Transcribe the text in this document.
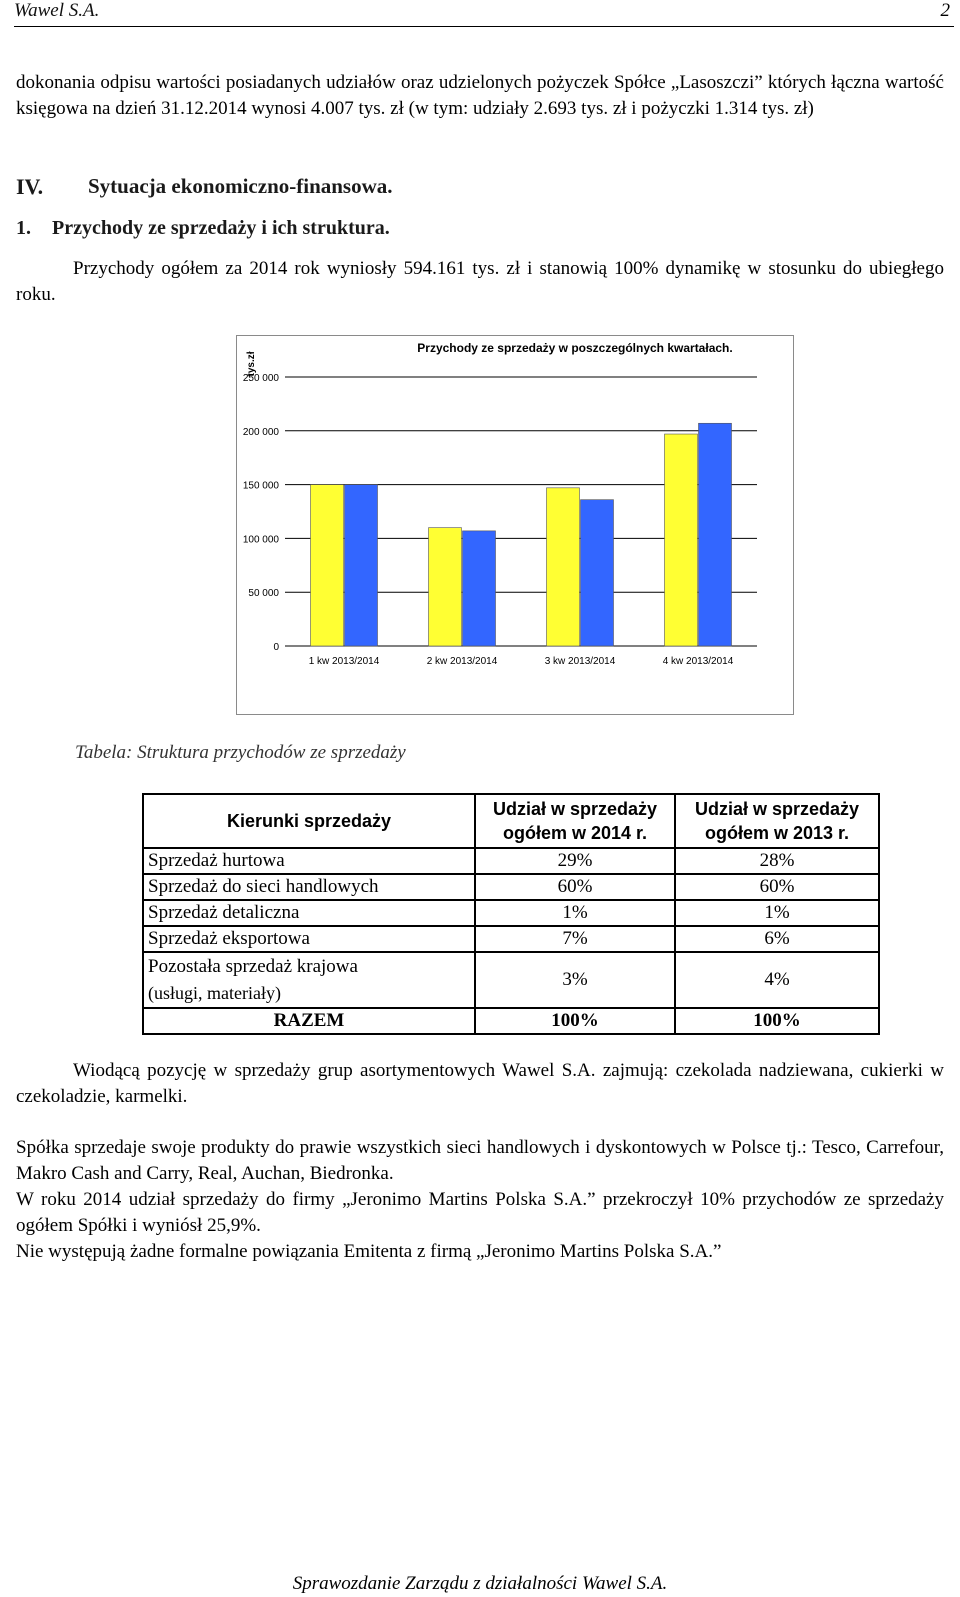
Wawel S.A.	2
dokonania odpisu wartości posiadanych udziałów oraz udzielonych pożyczek Spółce „Lasoszczi” których łączna wartość księgowa na dzień 31.12.2014 wynosi 4.007 tys. zł (w tym: udziały 2.693 tys. zł i pożyczki 1.314 tys. zł)
IV. Sytuacja ekonomiczno-finansowa.
1. Przychody ze sprzedaży i ich struktura.
Przychody ogółem za 2014 rok wyniosły 594.161 tys. zł i stanowią 100% dynamikę w stosunku do ubiegłego roku.
Przychody ze sprzedaży w poszczególnych kwartałach.
tys.zł
0
50 000
100 000
150 000
200 000
250 000
1 kw 2013/2014	2 kw 2013/2014	3 kw 2013/2014	4 kw 2013/2014
Tabela: Struktura przychodów ze sprzedaży
Kierunki sprzedaży	Udział w sprzedaży ogółem w 2014 r.	Udział w sprzedaży ogółem w 2013 r.
Sprzedaż hurtowa	29%	28%
Sprzedaż do sieci handlowych	60%	60%
Sprzedaż detaliczna	1%	1%
Sprzedaż eksportowa	7%	6%

Pozostała sprzedaż krajowa
(usługi, materiały)	3%	4%
RAZEM	100%	100%
Wiodącą pozycję w sprzedaży grup asortymentowych Wawel S.A. zajmują: czekolada nadziewana, cukierki w czekoladzie, karmelki.
Spółka sprzedaje swoje produkty do prawie wszystkich sieci handlowych i dyskontowych w Polsce tj.: Tesco, Carrefour, Makro Cash and Carry, Real, Auchan, Biedronka.
W roku 2014 udział sprzedaży do firmy „Jeronimo Martins Polska S.A.” przekroczył 10% przychodów ze sprzedaży ogółem Spółki i wyniósł 25,9%.
Nie występują żadne formalne powiązania Emitenta z firmą „Jeronimo Martins Polska S.A.”
Sprawozdanie Zarządu z działalności Wawel S.A.
